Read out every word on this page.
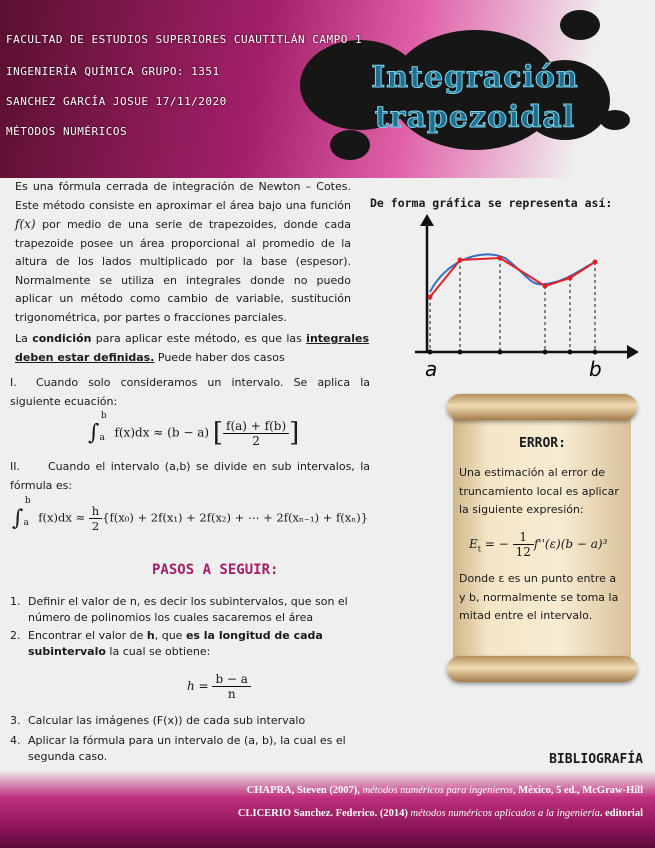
FACULTAD DE ESTUDIOS SUPERIORES CUAUTITLÁN CAMPO 1
INGENIERÍA QUÍMICA GRUPO: 1351
SANCHEZ GARCÍA JOSUE 17/11/2020
MÉTODOS NUMÉRICOS
Integración
trapezoidal
Es una fórmula cerrada de integración de Newton – Cotes. Este método consiste en aproximar el área bajo una función f(x) por medio de una serie de trapezoides, donde cada trapezoide posee un área proporcional al promedio de la altura de los lados multiplicado por la base (espesor). Normalmente se utiliza en integrales donde no puedo aplicar un método como cambio de variable, sustitución trigonométrica, por partes o fracciones parciales.
La condición para aplicar este método, es que las integrales deben estar definidas. Puede haber dos casos
De forma gráfica se representa así:
a	b
I. Cuando solo consideramos un intervalo. Se aplica la siguiente ecuación:
$\int_a^b$ f(x)dx ≈ (b − a) [ $\frac{f(a) + f(b)}{2}$ ]
II.	Cuando el intervalo (a,b) se divide en sub intervalos, la fórmula es:
$\int_a^b$ $f(x)dx \approx \frac{h}{2} \{f(x_0) + 2f(x_1) + 2f(x_2)$ + ⋯ + 2f(xₙ₋₁) + f(xₙ)}
PASOS A SEGUIR:
1. Definir el valor de n, es decir los subintervalos, que son el número de polinomios los cuales sacaremos el área
2. Encontrar el valor de h, que es la longitud de cada subintervalo la cual se obtiene:
$h = \frac{b - a}{n}$
3. Calcular las imágenes (F(x)) de cada sub intervalo
4. Aplicar la fórmula para un intervalo de (a, b), la cual es el segunda caso.
ERROR:
Una estimación al error de truncamiento local es aplicar la siguiente expresión:
$E_t$ = − $\frac{1}{12} f''(\varepsilon)(b - a)^3$
Donde ε es un punto entre a y b, normalmente se toma la mitad entre el intervalo.
BIBLIOGRAFÍA
CHAPRA, Steven (2007), métodos numéricos para ingenieros, México, 5 ed., McGraw-Hill
CLICERIO Sanchez. Federico. (2014) métodos numéricos aplicados a la ingeniería. editorial
